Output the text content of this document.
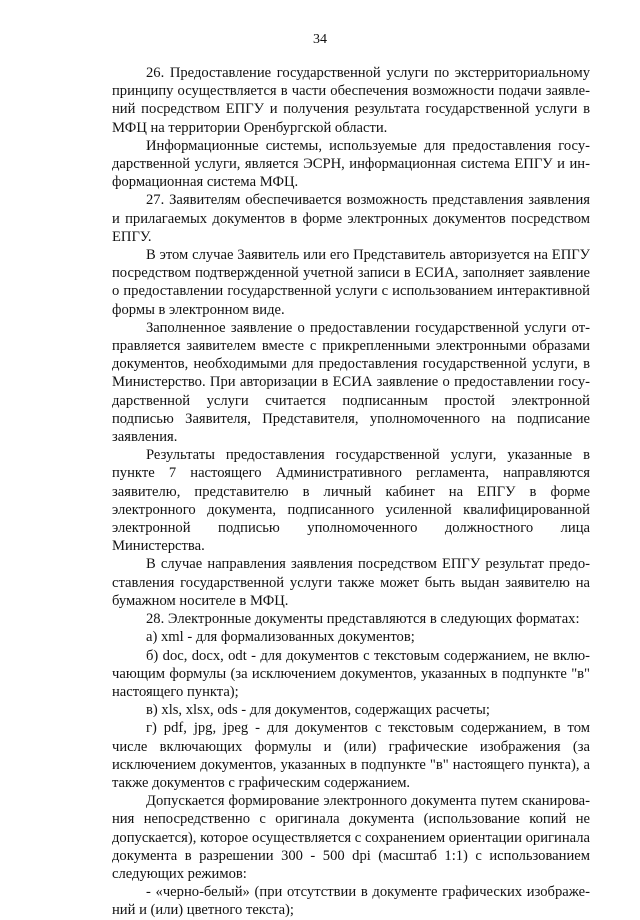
34

26. Предоставление государственной услуги по экстерриториальному принципу осуществляется в части обеспечения возможности подачи заявлений посредством ЕПГУ и получения результата государственной услуги в МФЦ на территории Оренбургской области.

Информационные системы, используемые для предоставления государственной услуги, является ЭСРН, информационная система ЕПГУ и информационная система МФЦ.

27. Заявителям обеспечивается возможность представления заявления и прилагаемых документов в форме электронных документов посредством ЕПГУ.

В этом случае Заявитель или его Представитель авторизуется на ЕПГУ посредством подтвержденной учетной записи в ЕСИА, заполняет заявление о предоставлении государственной услуги с использованием интерактивной формы в электронном виде.

Заполненное заявление о предоставлении государственной услуги отправляется заявителем вместе с прикрепленными электронными образами документов, необходимыми для предоставления государственной услуги, в Министерство. При авторизации в ЕСИА заявление о предоставлении государственной услуги считается подписанным простой электронной подписью Заявителя, Представителя, уполномоченного на подписание заявления.

Результаты предоставления государственной услуги, указанные в пункте 7 настоящего Административного регламента, направляются заявителю, представителю в личный кабинет на ЕПГУ в форме электронного документа, подписанного усиленной квалифицированной электронной подписью уполномоченного должностного лица Министерства.

В случае направления заявления посредством ЕПГУ результат предоставления государственной услуги также может быть выдан заявителю на бумажном носителе в МФЦ.

28. Электронные документы представляются в следующих форматах:

а) xml - для формализованных документов;

б) doc, docx, odt - для документов с текстовым содержанием, не включающим формулы (за исключением документов, указанных в подпункте "в" настоящего пункта);

в) xls, xlsx, ods - для документов, содержащих расчеты;

г) pdf, jpg, jpeg - для документов с текстовым содержанием, в том числе включающих формулы и (или) графические изображения (за исключением документов, указанных в подпункте "в" настоящего пункта), а также документов с графическим содержанием.

Допускается формирование электронного документа путем сканирования непосредственно с оригинала документа (использование копий не допускается), которое осуществляется с сохранением ориентации оригинала документа в разрешении 300 - 500 dpi (масштаб 1:1) с использованием следующих режимов:

- «черно-белый» (при отсутствии в документе графических изображений и (или) цветного текста);
